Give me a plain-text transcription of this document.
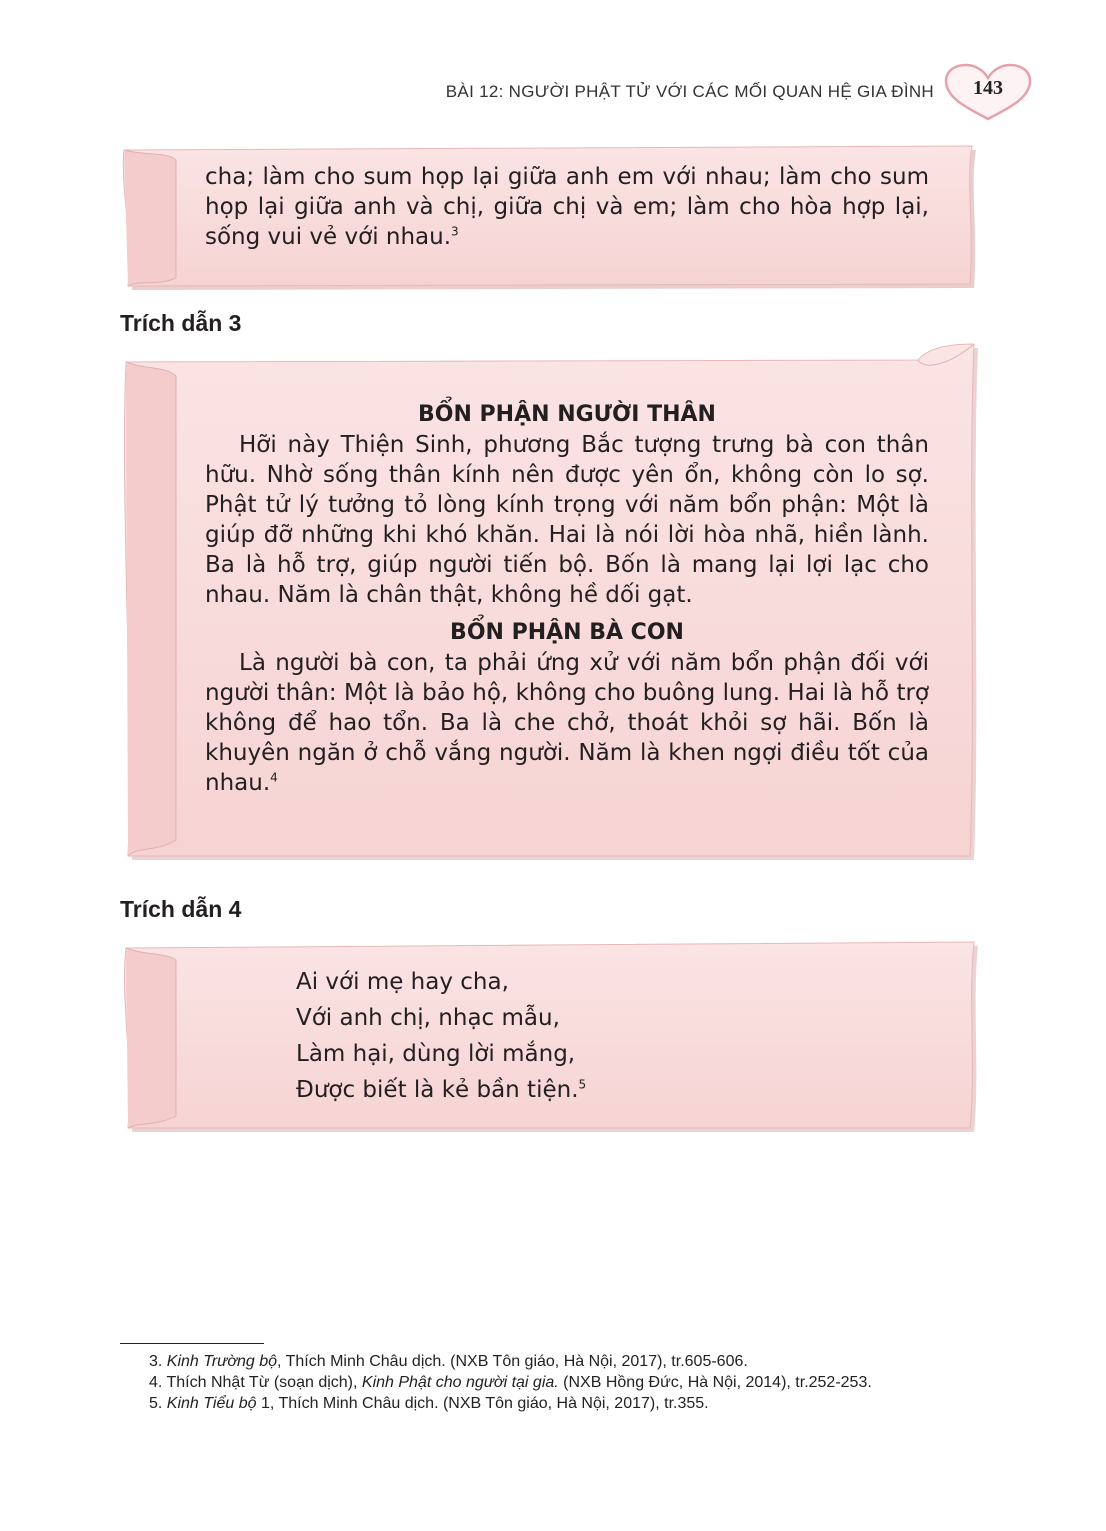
BÀI 12: NGƯỜI PHẬT TỬ VỚI CÁC MỐI QUAN HỆ GIA ĐÌNH	143

cha; làm cho sum họp lại giữa anh em với nhau; làm cho sum họp lại giữa anh và chị, giữa chị và em; làm cho hòa hợp lại, sống vui vẻ với nhau.$^3$

Trích dẫn 3

BỔN PHẬN NGƯỜI THÂN

Hỡi này Thiện Sinh, phương Bắc tượng trưng bà con thân hữu. Nhờ sống thân kính nên được yên ổn, không còn lo sợ. Phật tử lý tưởng tỏ lòng kính trọng với năm bổn phận: Một là giúp đỡ những khi khó khăn. Hai là nói lời hòa nhã, hiền lành. Ba là hỗ trợ, giúp người tiến bộ. Bốn là mang lại lợi lạc cho nhau. Năm là chân thật, không hề dối gạt.

BỔN PHẬN BÀ CON

Là người bà con, ta phải ứng xử với năm bổn phận đối với người thân: Một là bảo hộ, không cho buông lung. Hai là hỗ trợ không để hao tổn. Ba là che chở, thoát khỏi sợ hãi. Bốn là khuyên ngăn ở chỗ vắng người. Năm là khen ngợi điều tốt của nhau.$^4$

Trích dẫn 4

Ai với mẹ hay cha,

Với anh chị, nhạc mẫu,

Làm hại, dùng lời mắng,

Được biết là kẻ bần tiện.$^5$

3. Kinh Trường bộ, Thích Minh Châu dịch. (NXB Tôn giáo, Hà Nội, 2017), tr.605-606.

4. Thích Nhật Từ (soạn dịch), Kinh Phật cho người tại gia. (NXB Hồng Đức, Hà Nội, 2014), tr.252-253.

5. Kinh Tiểu bộ 1, Thích Minh Châu dịch. (NXB Tôn giáo, Hà Nội, 2017), tr.355.
